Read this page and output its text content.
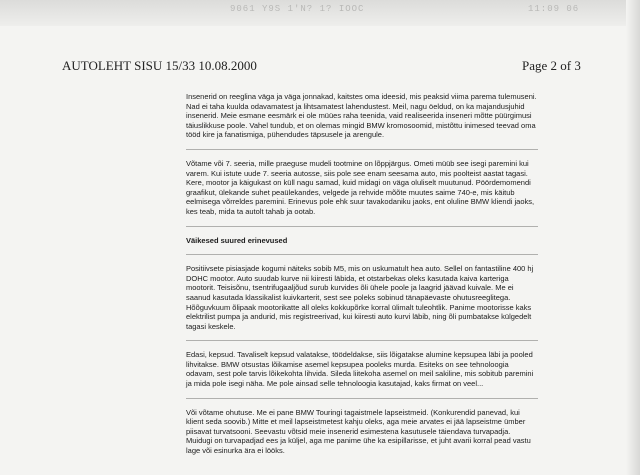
9061 Y9S 1'N? 1? IOOC	11:09 06
AUTOLEHT SISU 15/33 10.08.2000	Page 2 of 3

Insenerid on reeglina väga ja väga jonnakad, kaitstes oma ideesid, mis peaksid viima parema tulemuseni. Nad ei taha kuulda odavamatest ja lihtsamatest lahendustest. Meil, nagu öeldud, on ka majandusjuhid insenerid. Meie esmane eesmärk ei ole müües raha teenida, vaid realiseerida inseneri mõtte püürgimusi täiuslikkuse poole. Vahel tundub, et on olemas mingid BMW kromosoomid, mistõttu inimesed teevad oma tööd kire ja fanatismiga, pühendudes täpsusele ja arengule.

Võtame või 7. seeria, mille praeguse mudeli tootmine on lõppjärgus. Ometi müüb see isegi paremini kui varem. Kui istute uude 7. seeria autosse, siis pole see enam seesama auto, mis poolteist aastat tagasi. Kere, mootor ja käigukast on küll nagu samad, kuid midagi on väga oluliselt muutunud. Pöördemomendi graafikut, ülekande suhet peaülekandes, velgede ja rehvide mõõte muutes saime 740-e, mis käitub eelmisega võrreldes paremini. Erinevus pole ehk suur tavakodaniku jaoks, ent oluline BMW kliendi jaoks, kes teab, mida ta autolt tahab ja ootab.

Väikesed suured erinevused

Positiivsete pisiasjade kogumi näiteks sobib M5, mis on uskumatult hea auto. Sellel on fantastiline 400 hj DOHC mootor. Auto suudab kurve nii kiiresti läbida, et otstarbekas oleks kasutada kaiva karteriga mootorit. Teisisõnu, tsentrifugaaljõud surub kurvides õli ühele poole ja laagrid jäävad kuivale. Me ei saanud kasutada klassikalist kuivkarterit, sest see poleks sobinud tänapäevaste ohutusreeglitega. Hõõguvkuum õlipaak mootorikatte all oleks kokkupõrke korral ülimalt tuleohtlik. Panime mootorisse kaks elektrilist pumpa ja andurid, mis registreerivad, kui kiiresti auto kurvi läbib, ning õli pumbatakse külgedelt tagasi keskele.

Edasi, kepsud. Tavaliselt kepsud valatakse, töödeldakse, siis lõigatakse alumine kepsupea läbi ja pooled lihvitakse. BMW otsustas lõikamise asemel kepsupea pooleks murda. Esiteks on see tehnoloogia odavam, sest pole tarvis lõikekohta lihvida. Sileda liitekoha asemel on meil sakiline, mis sobitub paremini ja mida pole isegi näha. Me pole ainsad selle tehnoloogia kasutajad, kaks firmat on veel...

Või võtame ohutuse. Me ei pane BMW Touringi tagaistmele lapseistmeid. (Konkurendid panevad, kui klient seda soovib.) Mitte et meil lapseistmetest kahju oleks, aga meie arvates ei jää lapseistme ümber piisavat turvatsooni. Seevastu võtsid meie insenerid esimestena kasutusele täiendava turvapadja. Muidugi on turvapadjad ees ja küljel, aga me panime ühe ka esipillarisse, et juht avarii korral pead vastu lage või esinurka ära ei lööks.
